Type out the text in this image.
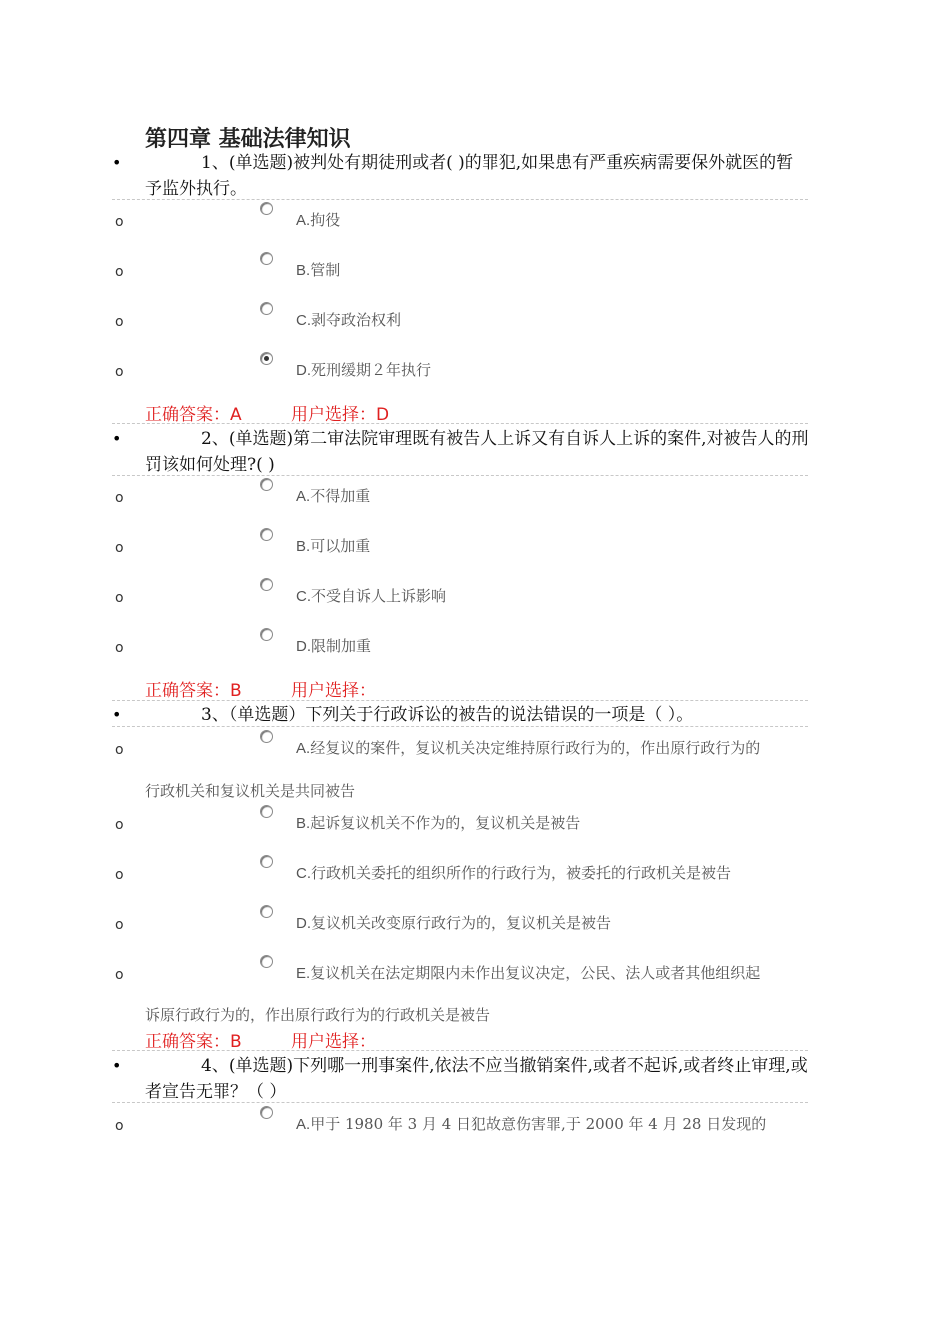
第四章 基础法律知识
•	1、(单选题)被判处有期徒刑或者( )的罪犯,如果患有严重疾病需要保外就医的暂予监外执行。
o	A.拘役
o	B.管制
o	C.剥夺政治权利
o	D.死刑缓期２年执行
正确答案：A	用户选择：D
•	2、(单选题)第二审法院审理既有被告人上诉又有自诉人上诉的案件,对被告人的刑罚该如何处理?( )
o	A.不得加重
o	B.可以加重
o	C.不受自诉人上诉影响
o	D.限制加重
正确答案：B	用户选择：
•	3、（单选题）下列关于行政诉讼的被告的说法错误的一项是（ ）。
o	A.经复议的案件，复议机关决定维持原行政行为的，作出原行政行为的
行政机关和复议机关是共同被告
o	B.起诉复议机关不作为的，复议机关是被告
o	C.行政机关委托的组织所作的行政行为，被委托的行政机关是被告
o	D.复议机关改变原行政行为的，复议机关是被告
o	E.复议机关在法定期限内未作出复议决定，公民、法人或者其他组织起
诉原行政行为的，作出原行政行为的行政机关是被告
正确答案：B	用户选择：
•	4、(单选题)下列哪一刑事案件,依法不应当撤销案件,或者不起诉,或者终止审理,或者宣告无罪？（ ）
o	A.甲于 1980 年 3 月 4 日犯故意伤害罪,于 2000 年 4 月 28 日发现的
